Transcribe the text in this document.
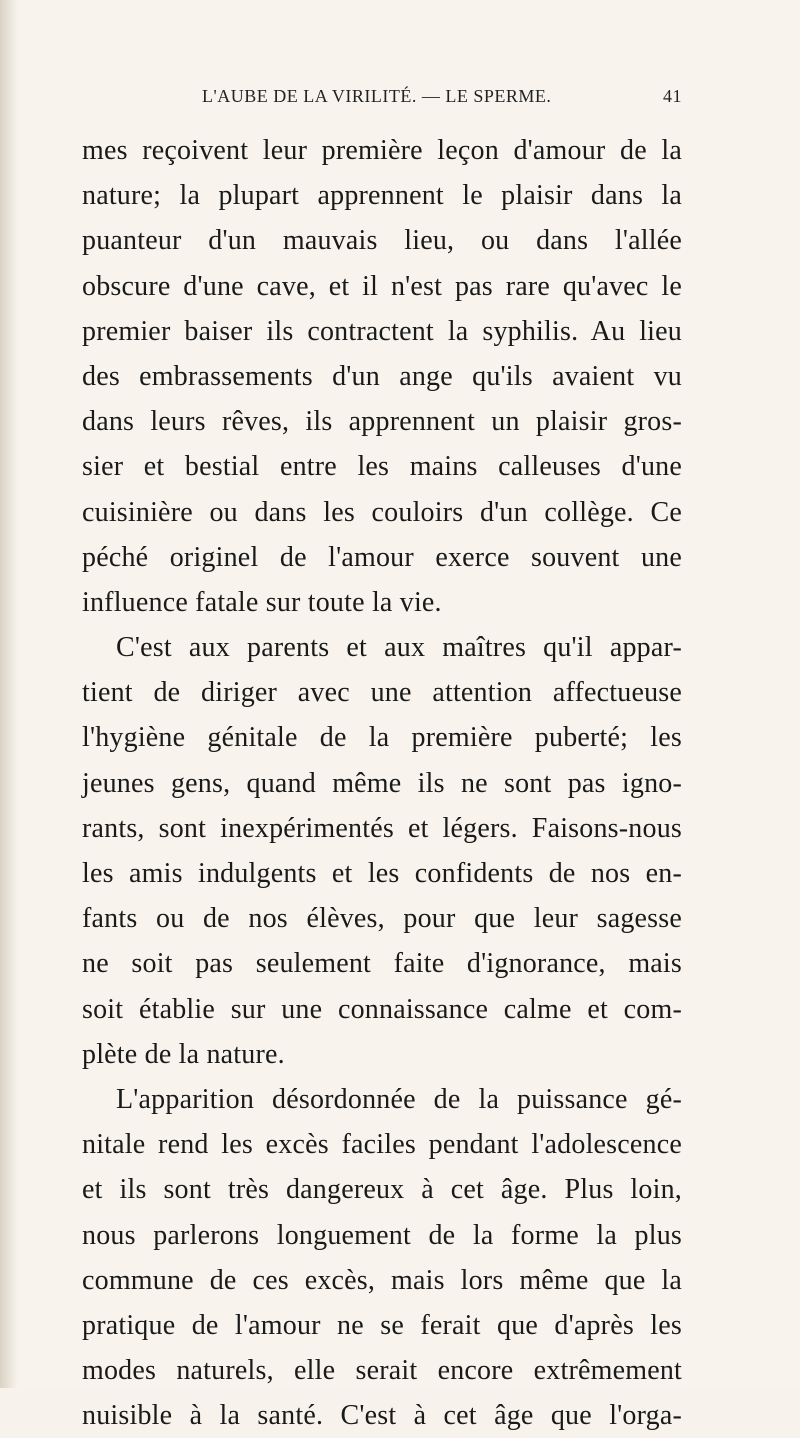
L'AUBE DE LA VIRILITÉ. — LE SPERME.	41
mes reçoivent leur première leçon d'amour de la
nature; la plupart apprennent le plaisir dans la
puanteur d'un mauvais lieu, ou dans l'allée
obscure d'une cave, et il n'est pas rare qu'avec le
premier baiser ils contractent la syphilis. Au lieu
des embrassements d'un ange qu'ils avaient vu
dans leurs rêves, ils apprennent un plaisir gros-
sier et bestial entre les mains calleuses d'une
cuisinière ou dans les couloirs d'un collège. Ce
péché originel de l'amour exerce souvent une
influence fatale sur toute la vie.
C'est aux parents et aux maîtres qu'il appar-
tient de diriger avec une attention affectueuse
l'hygiène génitale de la première puberté; les
jeunes gens, quand même ils ne sont pas igno-
rants, sont inexpérimentés et légers. Faisons-nous
les amis indulgents et les confidents de nos en-
fants ou de nos élèves, pour que leur sagesse
ne soit pas seulement faite d'ignorance, mais
soit établie sur une connaissance calme et com-
plète de la nature.
L'apparition désordonnée de la puissance gé-
nitale rend les excès faciles pendant l'adolescence
et ils sont très dangereux à cet âge. Plus loin,
nous parlerons longuement de la forme la plus
commune de ces excès, mais lors même que la
pratique de l'amour ne se ferait que d'après les
modes naturels, elle serait encore extrêmement
nuisible à la santé. C'est à cet âge que l'orga-
